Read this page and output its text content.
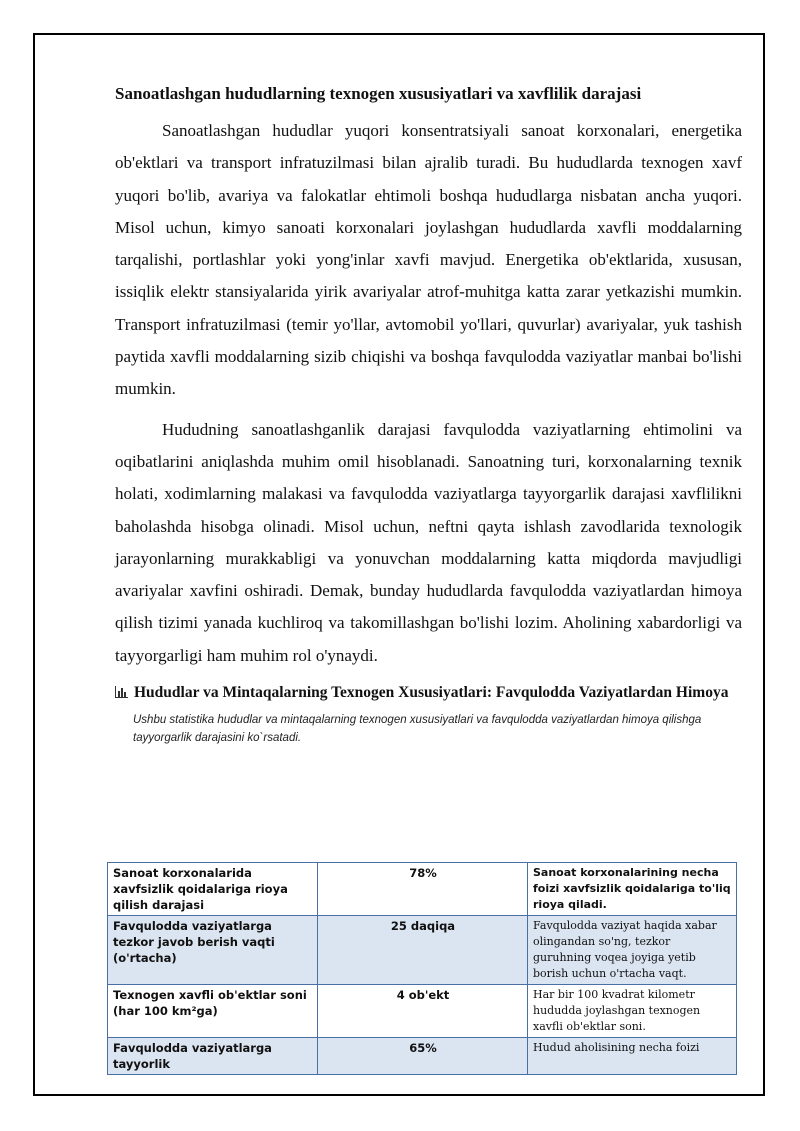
Sanoatlashgan hududlarning texnogen xususiyatlari va xavflilik darajasi

Sanoatlashgan hududlar yuqori konsentratsiyali sanoat korxonalari, energetika ob'ektlari va transport infratuzilmasi bilan ajralib turadi. Bu hududlarda texnogen xavf yuqori bo'lib, avariya va falokatlar ehtimoli boshqa hududlarga nisbatan ancha yuqori. Misol uchun, kimyo sanoati korxonalari joylashgan hududlarda xavfli moddalarning tarqalishi, portlashlar yoki yong'inlar xavfi mavjud. Energetika ob'ektlarida, xususan, issiqlik elektr stansiyalarida yirik avariyalar atrof-muhitga katta zarar yetkazishi mumkin. Transport infratuzilmasi (temir yo'llar, avtomobil yo'llari, quvurlar) avariyalar, yuk tashish paytida xavfli moddalarning sizib chiqishi va boshqa favqulodda vaziyatlar manbai bo'lishi mumkin.

Hududning sanoatlashganlik darajasi favqulodda vaziyatlarning ehtimolini va oqibatlarini aniqlashda muhim omil hisoblanadi. Sanoatning turi, korxonalarning texnik holati, xodimlarning malakasi va favqulodda vaziyatlarga tayyorgarlik darajasi xavflilikni baholashda hisobga olinadi. Misol uchun, neftni qayta ishlash zavodlarida texnologik jarayonlarning murakkabligi va yonuvchan moddalarning katta miqdorda mavjudligi avariyalar xavfini oshiradi. Demak, bunday hududlarda favqulodda vaziyatlardan himoya qilish tizimi yanada kuchliroq va takomillashgan bo'lishi lozim. Aholining xabardorligi va tayyorgarligi ham muhim rol o'ynaydi.

Hududlar va Mintaqalarning Texnogen Xususiyatlari: Favqulodda Vaziyatlardan Himoya

Ushbu statistika hududlar va mintaqalarning texnogen xususiyatlari va favqulodda vaziyatlardan himoya qilishga tayyorgarlik darajasini ko`rsatadi.

Sanoat korxonalarida xavfsizlik qoidalariga rioya qilish darajasi	78%	Sanoat korxonalarining necha foizi xavfsizlik qoidalariga to'liq rioya qiladi.
Favqulodda vaziyatlarga tezkor javob berish vaqti (o'rtacha)	25 daqiqa	Favqulodda vaziyat haqida xabar olingandan so'ng, tezkor guruhning voqea joyiga yetib borish uchun o'rtacha vaqt.
Texnogen xavfli ob'ektlar soni (har 100 km²ga)	4 ob'ekt	Har bir 100 kvadrat kilometr hududda joylashgan texnogen xavfli ob'ektlar soni.
Favqulodda vaziyatlarga tayyorlik	65%	Hudud aholisining necha foizi
